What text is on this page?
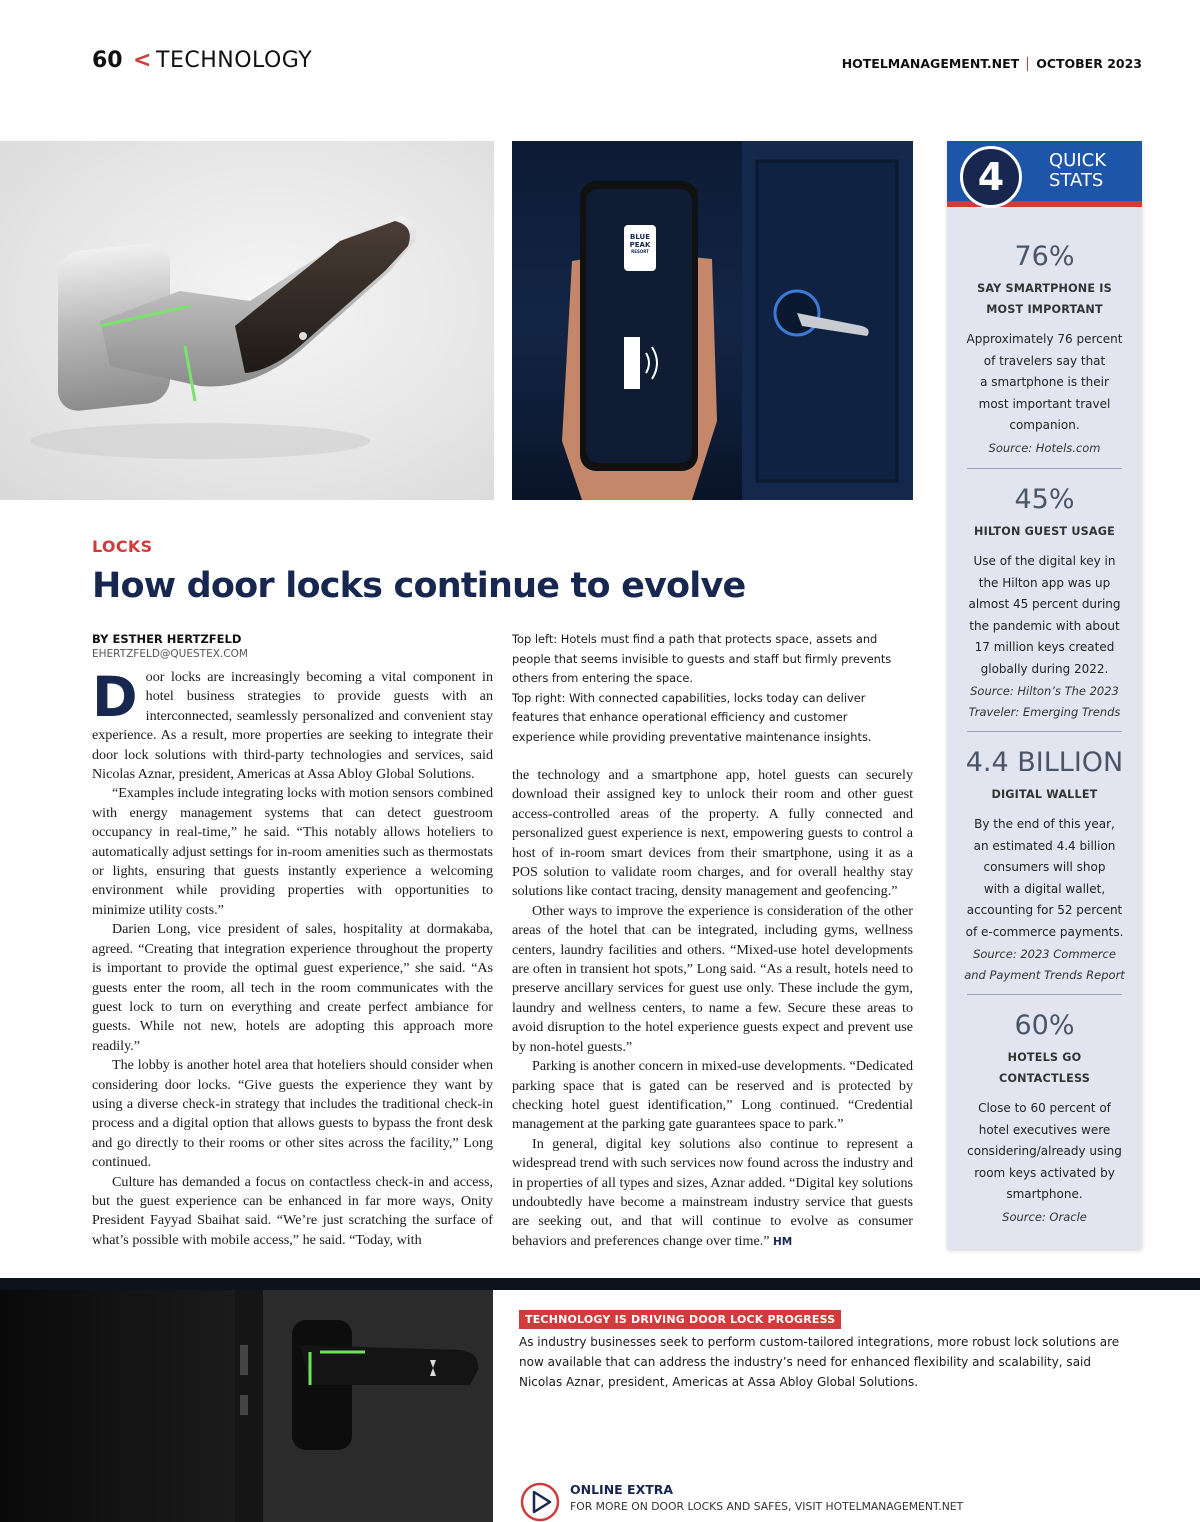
60 < TECHNOLOGY	HOTELMANAGEMENT.NET OCTOBER 2023
BLUE
PEAK
RESORT
LOCKS
How door locks continue to evolve
BY ESTHER HERTZFELD
EHERTZFELD@QUESTEX.COM

Door locks are increasingly becoming a vital component in hotel business strategies to provide guests with an interconnected, seamlessly personalized and convenient stay experience. As a result, more properties are seeking to integrate their door lock solutions with third-party technologies and services, said Nicolas Aznar, president, Americas at Assa Abloy Global Solutions.

“Examples include integrating locks with motion sensors combined with energy management systems that can detect guestroom occupancy in real-time,” he said. “This notably allows hoteliers to automatically adjust settings for in-room amenities such as thermostats or lights, ensuring that guests instantly experience a welcoming environment while providing properties with opportunities to minimize utility costs.”

Darien Long, vice president of sales, hospitality at dormakaba, agreed. “Creating that integration experience throughout the property is important to provide the optimal guest experience,” she said. “As guests enter the room, all tech in the room communicates with the guest lock to turn on everything and create perfect ambiance for guests. While not new, hotels are adopting this approach more readily.”

The lobby is another hotel area that hoteliers should consider when considering door locks. “Give guests the experience they want by using a diverse check-in strategy that includes the traditional check-in process and a digital option that allows guests to bypass the front desk and go directly to their rooms or other sites across the facility,” Long continued.

Culture has demanded a focus on contactless check-in and access, but the guest experience can be enhanced in far more ways, Onity President Fayyad Sbaihat said. “We’re just scratching the surface of what’s possible with mobile access,” he said. “Today, with

Top left: Hotels must find a path that protects space, assets and people that seems invisible to guests and staff but firmly prevents others from entering the space.
Top right: With connected capabilities, locks today can deliver features that enhance operational efficiency and customer experience while providing preventative maintenance insights.

the technology and a smartphone app, hotel guests can securely download their assigned key to unlock their room and other guest access-controlled areas of the property. A fully connected and personalized guest experience is next, empowering guests to control a host of in-room smart devices from their smartphone, using it as a POS solution to validate room charges, and for overall healthy stay solutions like contact tracing, density management and geofencing.”

Other ways to improve the experience is consideration of the other areas of the hotel that can be integrated, including gyms, wellness centers, laundry facilities and others. “Mixed-use hotel developments are often in transient hot spots,” Long said. “As a result, hotels need to preserve ancillary services for guest use only. These include the gym, laundry and wellness centers, to name a few. Secure these areas to avoid disruption to the hotel experience guests expect and prevent use by non-hotel guests.”

Parking is another concern in mixed-use developments. “Dedicated parking space that is gated can be reserved and is protected by checking hotel guest identification,” Long continued. “Credential management at the parking gate guarantees space to park.”

In general, digital key solutions also continue to represent a widespread trend with such services now found across the industry and in properties of all types and sizes, Aznar added. “Digital key solutions undoubtedly have become a mainstream industry service that guests are seeking out, and that will continue to evolve as consumer behaviors and preferences change over time.” HM

4	QUICK
STATS
76%
SAY SMARTPHONE IS
MOST IMPORTANT
Approximately 76 percent
of travelers say that
a smartphone is their
most important travel
companion.
Source: Hotels.com
45%
HILTON GUEST USAGE
Use of the digital key in
the Hilton app was up
almost 45 percent during
the pandemic with about
17 million keys created
globally during 2022.
Source: Hilton’s The 2023
Traveler: Emerging Trends
4.4 BILLION
DIGITAL WALLET
By the end of this year,
an estimated 4.4 billion
consumers will shop
with a digital wallet,
accounting for 52 percent
of e-commerce payments.
Source: 2023 Commerce
and Payment Trends Report
60%
HOTELS GO
CONTACTLESS
Close to 60 percent of
hotel executives were
considering/already using
room keys activated by
smartphone.
Source: Oracle
TECHNOLOGY IS DRIVING DOOR LOCK PROGRESS
As industry businesses seek to perform custom-tailored integrations, more robust lock solutions are now available that can address the industry’s need for enhanced flexibility and scalability, said Nicolas Aznar, president, Americas at Assa Abloy Global Solutions.
ONLINE EXTRA
FOR MORE ON DOOR LOCKS AND SAFES, VISIT HOTELMANAGEMENT.NET
